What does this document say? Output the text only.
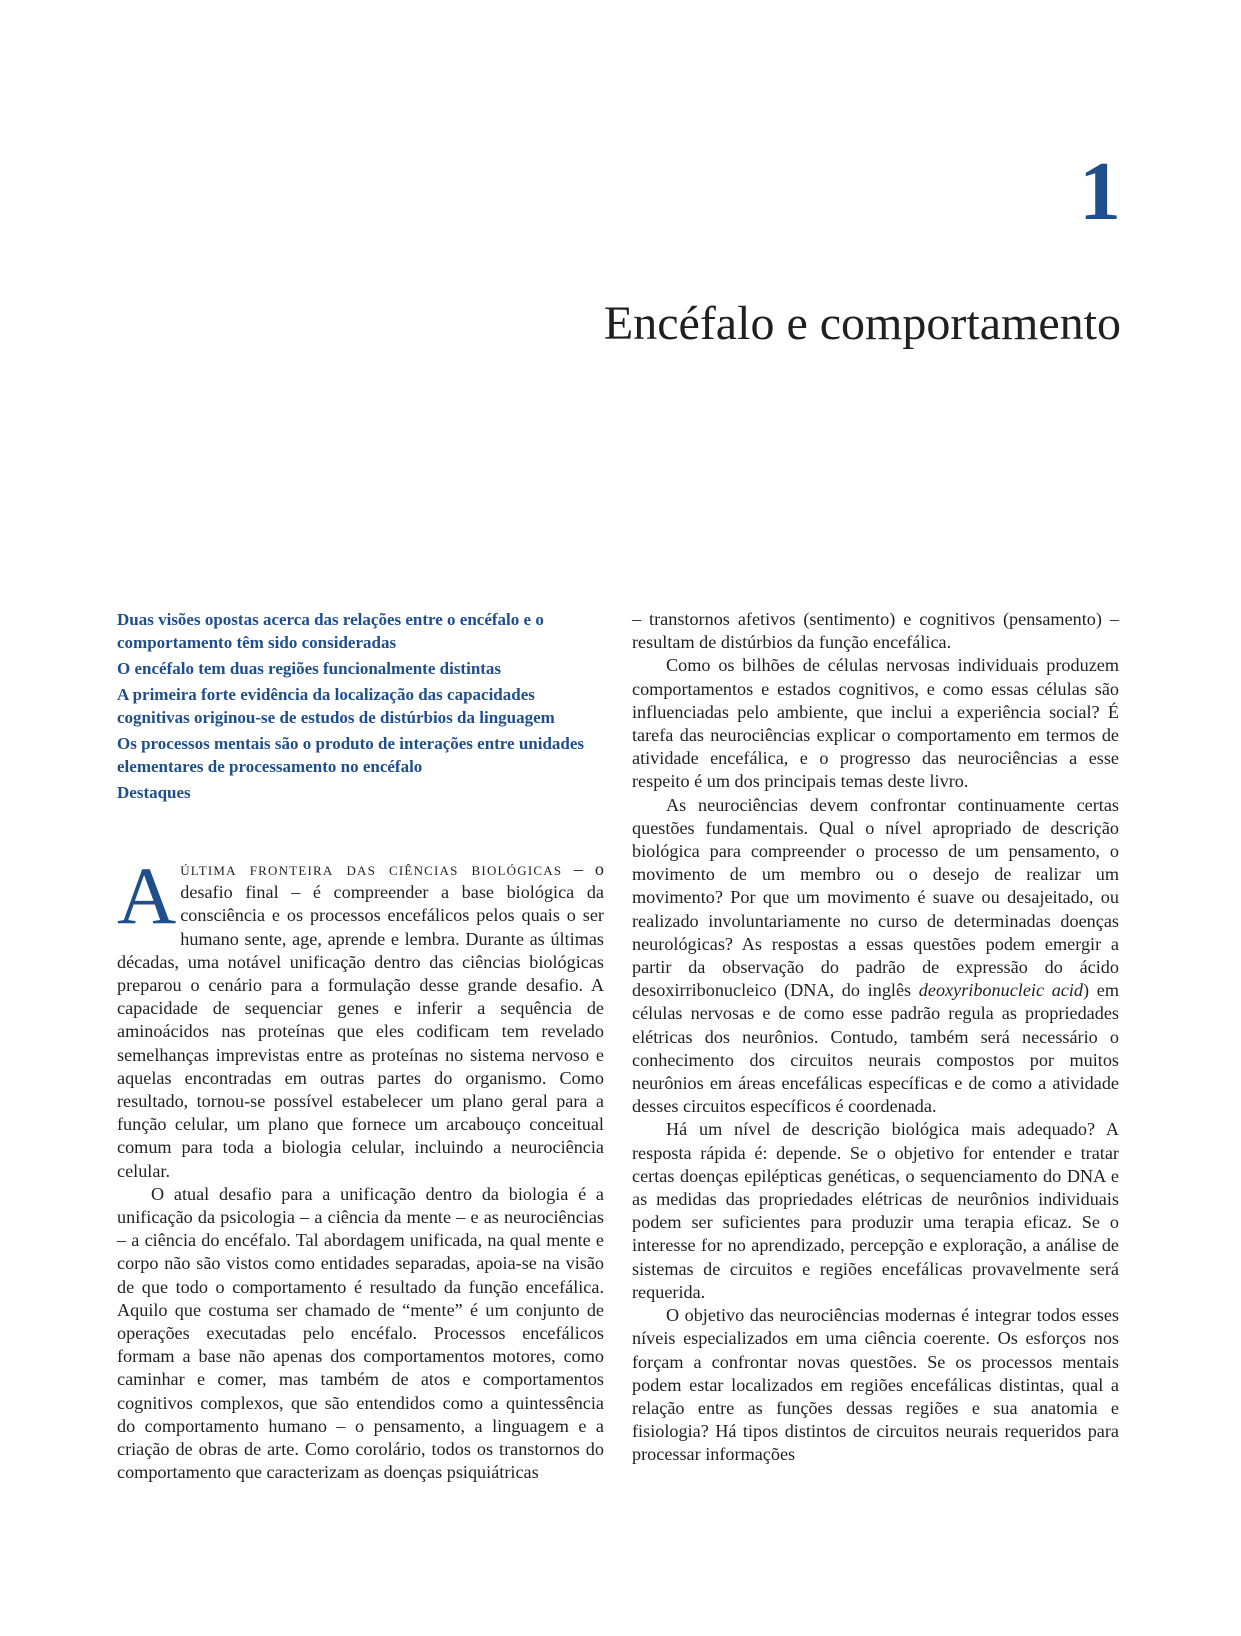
1
Encéfalo e comportamento
Duas visões opostas acerca das relações entre o encéfalo e o comportamento têm sido consideradas
O encéfalo tem duas regiões funcionalmente distintas
A primeira forte evidência da localização das capacidades cognitivas originou-se de estudos de distúrbios da linguagem
Os processos mentais são o produto de interações entre unidades elementares de processamento no encéfalo
Destaques

Aúltima fronteira das ciências biológicas – o desafio final – é compreender a base biológica da consciência e os processos encefálicos pelos quais o ser humano sente, age, aprende e lembra. Durante as últimas décadas, uma notável unificação dentro das ciências biológicas preparou o cenário para a formulação desse grande desafio. A capacidade de sequenciar genes e inferir a sequência de aminoácidos nas proteínas que eles codificam tem revelado semelhanças imprevistas entre as proteínas no sistema nervoso e aquelas encontradas em outras partes do organismo. Como resultado, tornou-se possível estabelecer um plano geral para a função celular, um plano que fornece um arcabouço conceitual comum para toda a biologia celular, incluindo a neurociência celular.

O atual desafio para a unificação dentro da biologia é a unificação da psicologia – a ciência da mente – e as neurociências – a ciência do encéfalo. Tal abordagem unificada, na qual mente e corpo não são vistos como entidades separadas, apoia-se na visão de que todo o comportamento é resultado da função encefálica. Aquilo que costuma ser chamado de “mente” é um conjunto de operações executadas pelo encéfalo. Processos encefálicos formam a base não apenas dos comportamentos motores, como caminhar e comer, mas também de atos e comportamentos cognitivos complexos, que são entendidos como a quintessência do comportamento humano – o pensamento, a linguagem e a criação de obras de arte. Como corolário, todos os transtornos do comportamento que caracterizam as doenças psiquiátricas

– transtornos afetivos (sentimento) e cognitivos (pensamento) – resultam de distúrbios da função encefálica.

Como os bilhões de células nervosas individuais produzem comportamentos e estados cognitivos, e como essas células são influenciadas pelo ambiente, que inclui a experiência social? É tarefa das neurociências explicar o comportamento em termos de atividade encefálica, e o progresso das neurociências a esse respeito é um dos principais temas deste livro.

As neurociências devem confrontar continuamente certas questões fundamentais. Qual o nível apropriado de descrição biológica para compreender o processo de um pensamento, o movimento de um membro ou o desejo de realizar um movimento? Por que um movimento é suave ou desajeitado, ou realizado involuntariamente no curso de determinadas doenças neurológicas? As respostas a essas questões podem emergir a partir da observação do padrão de expressão do ácido desoxirribonucleico (DNA, do inglês deoxyribonucleic acid) em células nervosas e de como esse padrão regula as propriedades elétricas dos neurônios. Contudo, também será necessário o conhecimento dos circuitos neurais compostos por muitos neurônios em áreas encefálicas específicas e de como a atividade desses circuitos específicos é coordenada.

Há um nível de descrição biológica mais adequado? A resposta rápida é: depende. Se o objetivo for entender e tratar certas doenças epilépticas genéticas, o sequenciamento do DNA e as medidas das propriedades elétricas de neurônios individuais podem ser suficientes para produzir uma terapia eficaz. Se o interesse for no aprendizado, percepção e exploração, a análise de sistemas de circuitos e regiões encefálicas provavelmente será requerida.

O objetivo das neurociências modernas é integrar todos esses níveis especializados em uma ciência coerente. Os esforços nos forçam a confrontar novas questões. Se os processos mentais podem estar localizados em regiões encefálicas distintas, qual a relação entre as funções dessas regiões e sua anatomia e fisiologia? Há tipos distintos de circuitos neurais requeridos para processar informações
